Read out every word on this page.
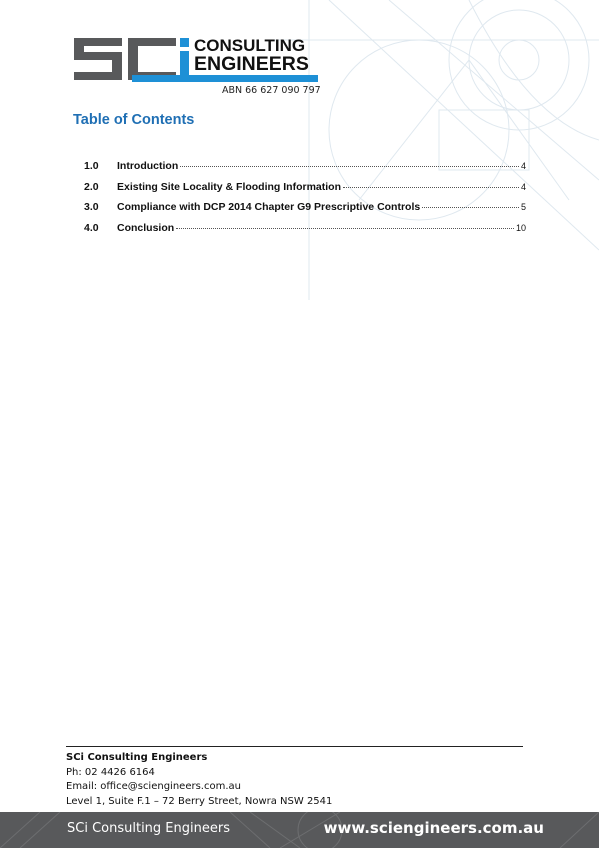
CONSULTING
ENGINEERS
ABN 66 627 090 797
Table of Contents
1.0	Introduction	4
2.0	Existing Site Locality & Flooding Information	4
3.0	Compliance with DCP 2014 Chapter G9 Prescriptive Controls	5
4.0	Conclusion	10
SCi Consulting Engineers
Ph: 02 4426 6164
Email: office@sciengineers.com.au
Level 1, Suite F.1 – 72 Berry Street, Nowra NSW 2541
SCi Consulting Engineers	www.sciengineers.com.au
